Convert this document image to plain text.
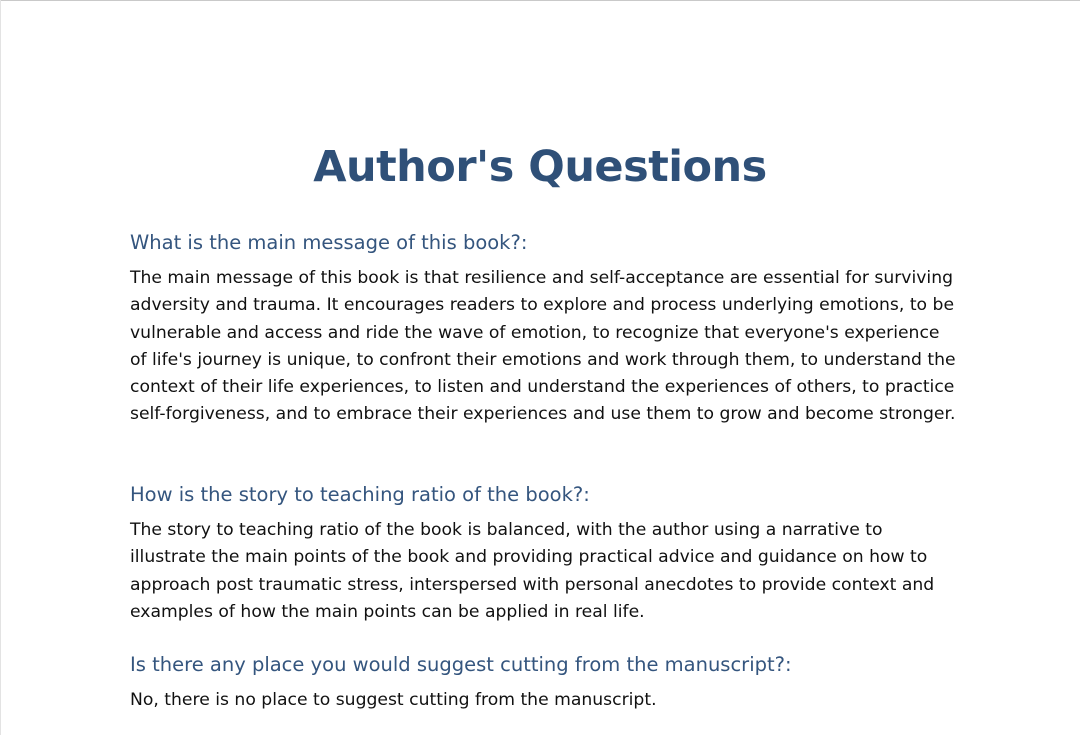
Author's Questions
What is the main message of this book?:

The main message of this book is that resilience and self-acceptance are essential for surviving adversity and trauma. It encourages readers to explore and process underlying emotions, to be vulnerable and access and ride the wave of emotion, to recognize that everyone's experience of life's journey is unique, to confront their emotions and work through them, to understand the context of their life experiences, to listen and understand the experiences of others, to practice self-forgiveness, and to embrace their experiences and use them to grow and become stronger.

How is the story to teaching ratio of the book?:

The story to teaching ratio of the book is balanced, with the author using a narrative to illustrate the main points of the book and providing practical advice and guidance on how to approach post traumatic stress, interspersed with personal anecdotes to provide context and examples of how the main points can be applied in real life.

Is there any place you would suggest cutting from the manuscript?:

No, there is no place to suggest cutting from the manuscript.
